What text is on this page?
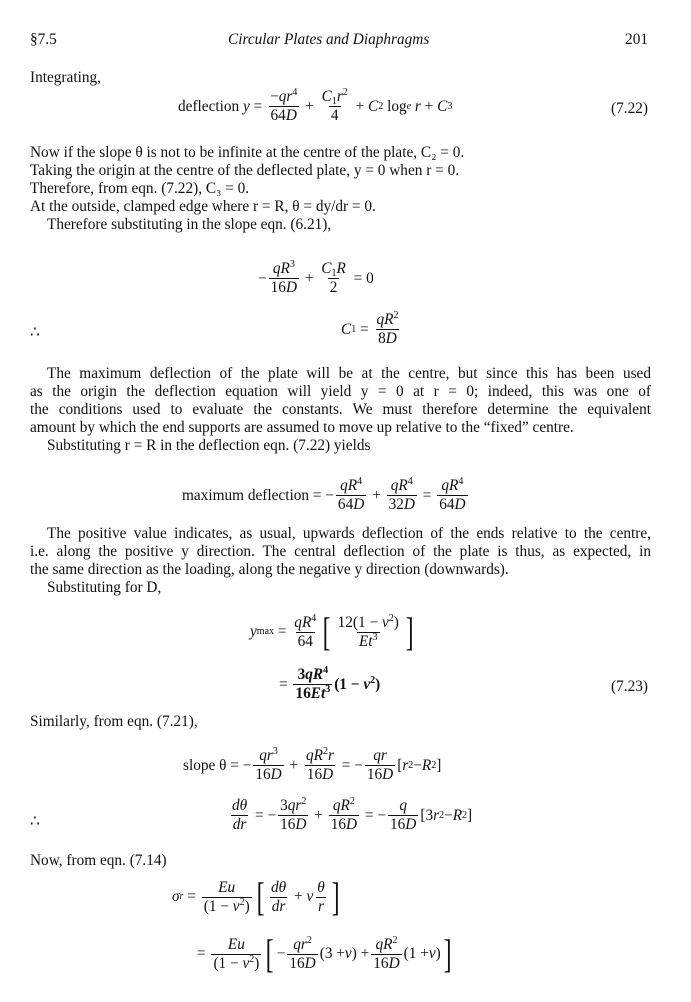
§7.5	Circular Plates and Diaphragms	201
Integrating,
deflection
$y = \frac{-qr^4}{64D} + \frac{C_1r^2}{4} + C$ 2 log e
r + C 3	(7.22)
Now if the slope θ is not to be infinite at the centre of the plate, C₂ = 0.
Taking the origin at the centre of the deflected plate, y = 0 when r = 0.
Therefore, from eqn. (7.22), C₃ = 0.
At the outside, clamped edge where r = R, θ = dy/dr = 0.
Therefore substituting in the slope eqn. (6.21),
− $\frac{qR^3}{16D} + \frac{C_1R}{2} = 0$
∴	C $1 = \frac{qR^2}{8D}$
The maximum deflection of the plate will be at the centre, but since this has been used
as the origin the deflection equation will yield y = 0 at r = 0; indeed, this was one of
the conditions used to evaluate the constants. We must therefore determine the equivalent
amount by which the end supports are assumed to move up relative to the “fixed” centre.
Substituting r = R in the deflection eqn. (7.22) yields
maximum deflection = − $\frac{qR^4}{64D} + \frac{qR^4}{32D} = \frac{qR^4}{64D}$
The positive value indicates, as usual, upwards deflection of the ends relative to the centre,
i.e. along the positive y direction. The central deflection of the plate is thus, as expected, in
the same direction as the loading, along the negative y direction (downwards).
Substituting for D,
y $\max = \frac{qR^4}{64}$ [ $\frac{12(1 - \nu^2)}{Et^3}$ ]
= $\frac{3qR^4}{16Et^3} (1 - \nu^2)$	(7.23)
Similarly, from eqn. (7.21),
slope θ = − $\frac{qr^3}{16D} + \frac{qR^2r}{16D}$ = − $\frac{qr}{16D}$ [ r 2 − R 2 ]
∴	$\frac{d\theta}{dr}$ = − $\frac{3qr^2}{16D} + \frac{qR^2}{16D}$ = − $\frac{q}{16D} [3$ r 2 − R 2 ]
Now, from eqn. (7.14)
σ $r = \frac{Eu}{(1 - \nu^2)}$ [ $\frac{d\theta}{dr} + \nu \frac{\theta}{r}$ ]
= $\frac{Eu}{(1 - \nu^2)}$ [ − $\frac{qr^2}{16D} (3 + \nu$ ) + $\frac{qR^2}{16D} (1 + \nu$ ) ]
